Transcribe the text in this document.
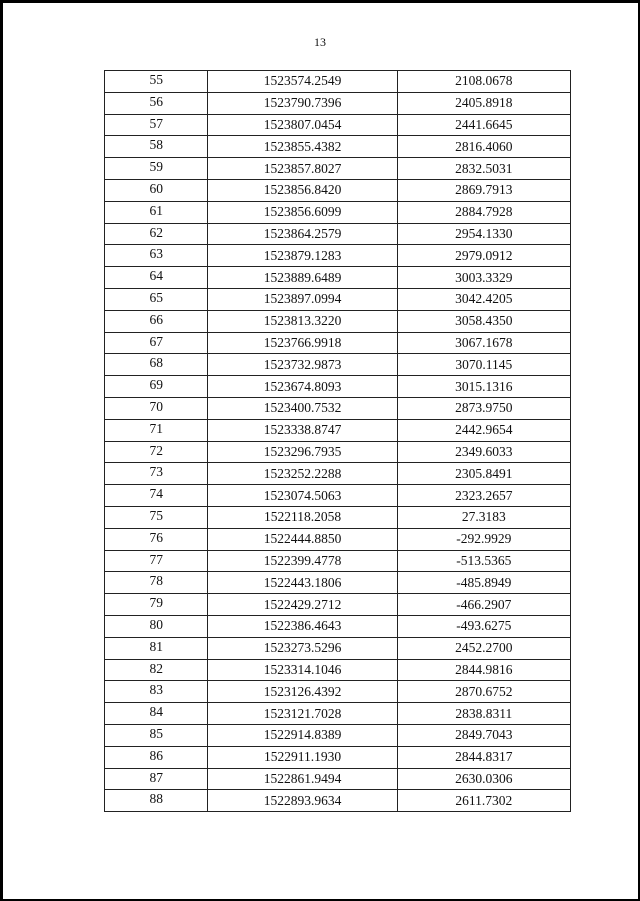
13
55	1523574.2549	2108.0678
56	1523790.7396	2405.8918
57	1523807.0454	2441.6645
58	1523855.4382	2816.4060
59	1523857.8027	2832.5031
60	1523856.8420	2869.7913
61	1523856.6099	2884.7928
62	1523864.2579	2954.1330
63	1523879.1283	2979.0912
64	1523889.6489	3003.3329
65	1523897.0994	3042.4205
66	1523813.3220	3058.4350
67	1523766.9918	3067.1678
68	1523732.9873	3070.1145
69	1523674.8093	3015.1316
70	1523400.7532	2873.9750
71	1523338.8747	2442.9654
72	1523296.7935	2349.6033
73	1523252.2288	2305.8491
74	1523074.5063	2323.2657
75	1522118.2058	27.3183
76	1522444.8850	-292.9929
77	1522399.4778	-513.5365
78	1522443.1806	-485.8949
79	1522429.2712	-466.2907
80	1522386.4643	-493.6275
81	1523273.5296	2452.2700
82	1523314.1046	2844.9816
83	1523126.4392	2870.6752
84	1523121.7028	2838.8311
85	1522914.8389	2849.7043
86	1522911.1930	2844.8317
87	1522861.9494	2630.0306
88	1522893.9634	2611.7302
